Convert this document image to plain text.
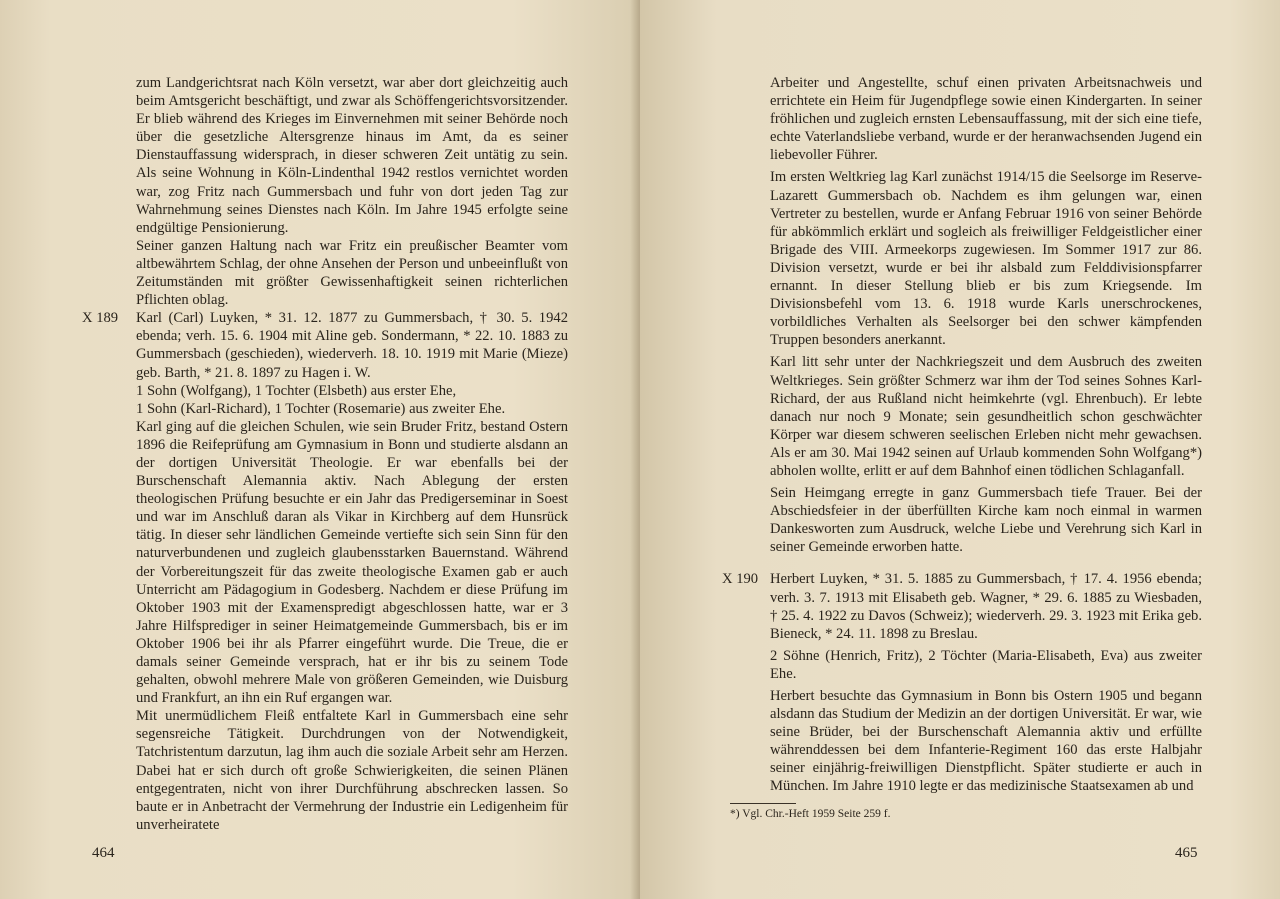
zum Landgerichtsrat nach Köln versetzt, war aber dort gleichzeitig auch beim Amtsgericht beschäftigt, und zwar als Schöffengerichtsvorsitzender. Er blieb während des Krieges im Einvernehmen mit seiner Behörde noch über die gesetzliche Altersgrenze hinaus im Amt, da es seiner Dienstauffassung widersprach, in dieser schweren Zeit untätig zu sein. Als seine Wohnung in Köln-Lindenthal 1942 restlos vernichtet worden war, zog Fritz nach Gummersbach und fuhr von dort jeden Tag zur Wahrnehmung seines Dienstes nach Köln. Im Jahre 1945 erfolgte seine endgültige Pensionierung.

Seiner ganzen Haltung nach war Fritz ein preußischer Beamter vom altbewährtem Schlag, der ohne Ansehen der Person und unbeeinflußt von Zeitumständen mit größter Gewissenhaftigkeit seinen richterlichen Pflichten oblag.

X 189 Karl (Carl) Luyken, * 31. 12. 1877 zu Gummersbach, † 30. 5. 1942 ebenda; verh. 15. 6. 1904 mit Aline geb. Sondermann, * 22. 10. 1883 zu Gummersbach (geschieden), wiederverh. 18. 10. 1919 mit Marie (Mieze) geb. Barth, * 21. 8. 1897 zu Hagen i. W.

1 Sohn (Wolfgang), 1 Tochter (Elsbeth) aus erster Ehe,

1 Sohn (Karl-Richard), 1 Tochter (Rosemarie) aus zweiter Ehe.

Karl ging auf die gleichen Schulen, wie sein Bruder Fritz, bestand Ostern 1896 die Reifeprüfung am Gymnasium in Bonn und studierte alsdann an der dortigen Universität Theologie. Er war ebenfalls bei der Burschenschaft Alemannia aktiv. Nach Ablegung der ersten theologischen Prüfung besuchte er ein Jahr das Predigerseminar in Soest und war im Anschluß daran als Vikar in Kirchberg auf dem Hunsrück tätig. In dieser sehr ländlichen Gemeinde vertiefte sich sein Sinn für den naturverbundenen und zugleich glaubensstarken Bauernstand. Während der Vorbereitungszeit für das zweite theologische Examen gab er auch Unterricht am Pädagogium in Godesberg. Nachdem er diese Prüfung im Oktober 1903 mit der Examenspredigt abgeschlossen hatte, war er 3 Jahre Hilfsprediger in seiner Heimatgemeinde Gummersbach, bis er im Oktober 1906 bei ihr als Pfarrer eingeführt wurde. Die Treue, die er damals seiner Gemeinde versprach, hat er ihr bis zu seinem Tode gehalten, obwohl mehrere Male von größeren Gemeinden, wie Duisburg und Frankfurt, an ihn ein Ruf ergangen war.

Mit unermüdlichem Fleiß entfaltete Karl in Gummersbach eine sehr segensreiche Tätigkeit. Durchdrungen von der Notwendigkeit, Tatchristentum darzutun, lag ihm auch die soziale Arbeit sehr am Herzen. Dabei hat er sich durch oft große Schwierigkeiten, die seinen Plänen entgegentraten, nicht von ihrer Durchführung abschrecken lassen. So baute er in Anbetracht der Vermehrung der Industrie ein Ledigenheim für unverheiratete

464

Arbeiter und Angestellte, schuf einen privaten Arbeitsnachweis und errichtete ein Heim für Jugendpflege sowie einen Kindergarten. In seiner fröhlichen und zugleich ernsten Lebensauffassung, mit der sich eine tiefe, echte Vaterlandsliebe verband, wurde er der heranwachsenden Jugend ein liebevoller Führer.

Im ersten Weltkrieg lag Karl zunächst 1914/15 die Seelsorge im Reserve-Lazarett Gummersbach ob. Nachdem es ihm gelungen war, einen Vertreter zu bestellen, wurde er Anfang Februar 1916 von seiner Behörde für abkömmlich erklärt und sogleich als freiwilliger Feldgeistlicher einer Brigade des VIII. Armeekorps zugewiesen. Im Sommer 1917 zur 86. Division versetzt, wurde er bei ihr alsbald zum Felddivisionspfarrer ernannt. In dieser Stellung blieb er bis zum Kriegsende. Im Divisionsbefehl vom 13. 6. 1918 wurde Karls unerschrockenes, vorbildliches Verhalten als Seelsorger bei den schwer kämpfenden Truppen besonders anerkannt.

Karl litt sehr unter der Nachkriegszeit und dem Ausbruch des zweiten Weltkrieges. Sein größter Schmerz war ihm der Tod seines Sohnes Karl-Richard, der aus Rußland nicht heimkehrte (vgl. Ehrenbuch). Er lebte danach nur noch 9 Monate; sein gesundheitlich schon geschwächter Körper war diesem schweren seelischen Erleben nicht mehr gewachsen. Als er am 30. Mai 1942 seinen auf Urlaub kommenden Sohn Wolfgang*) abholen wollte, erlitt er auf dem Bahnhof einen tödlichen Schlaganfall.

Sein Heimgang erregte in ganz Gummersbach tiefe Trauer. Bei der Abschiedsfeier in der überfüllten Kirche kam noch einmal in warmen Dankesworten zum Ausdruck, welche Liebe und Verehrung sich Karl in seiner Gemeinde erworben hatte.

X 190 Herbert Luyken, * 31. 5. 1885 zu Gummersbach, † 17. 4. 1956 ebenda; verh. 3. 7. 1913 mit Elisabeth geb. Wagner, * 29. 6. 1885 zu Wiesbaden, † 25. 4. 1922 zu Davos (Schweiz); wiederverh. 29. 3. 1923 mit Erika geb. Bieneck, * 24. 11. 1898 zu Breslau.

2 Söhne (Henrich, Fritz), 2 Töchter (Maria-Elisabeth, Eva) aus zweiter Ehe.

Herbert besuchte das Gymnasium in Bonn bis Ostern 1905 und begann alsdann das Studium der Medizin an der dortigen Universität. Er war, wie seine Brüder, bei der Burschenschaft Alemannia aktiv und erfüllte währenddessen bei dem Infanterie-Regiment 160 das erste Halbjahr seiner einjährig-freiwilligen Dienstpflicht. Später studierte er auch in München. Im Jahre 1910 legte er das medizinische Staatsexamen ab und

*) Vgl. Chr.-Heft 1959 Seite 259 f.
465
